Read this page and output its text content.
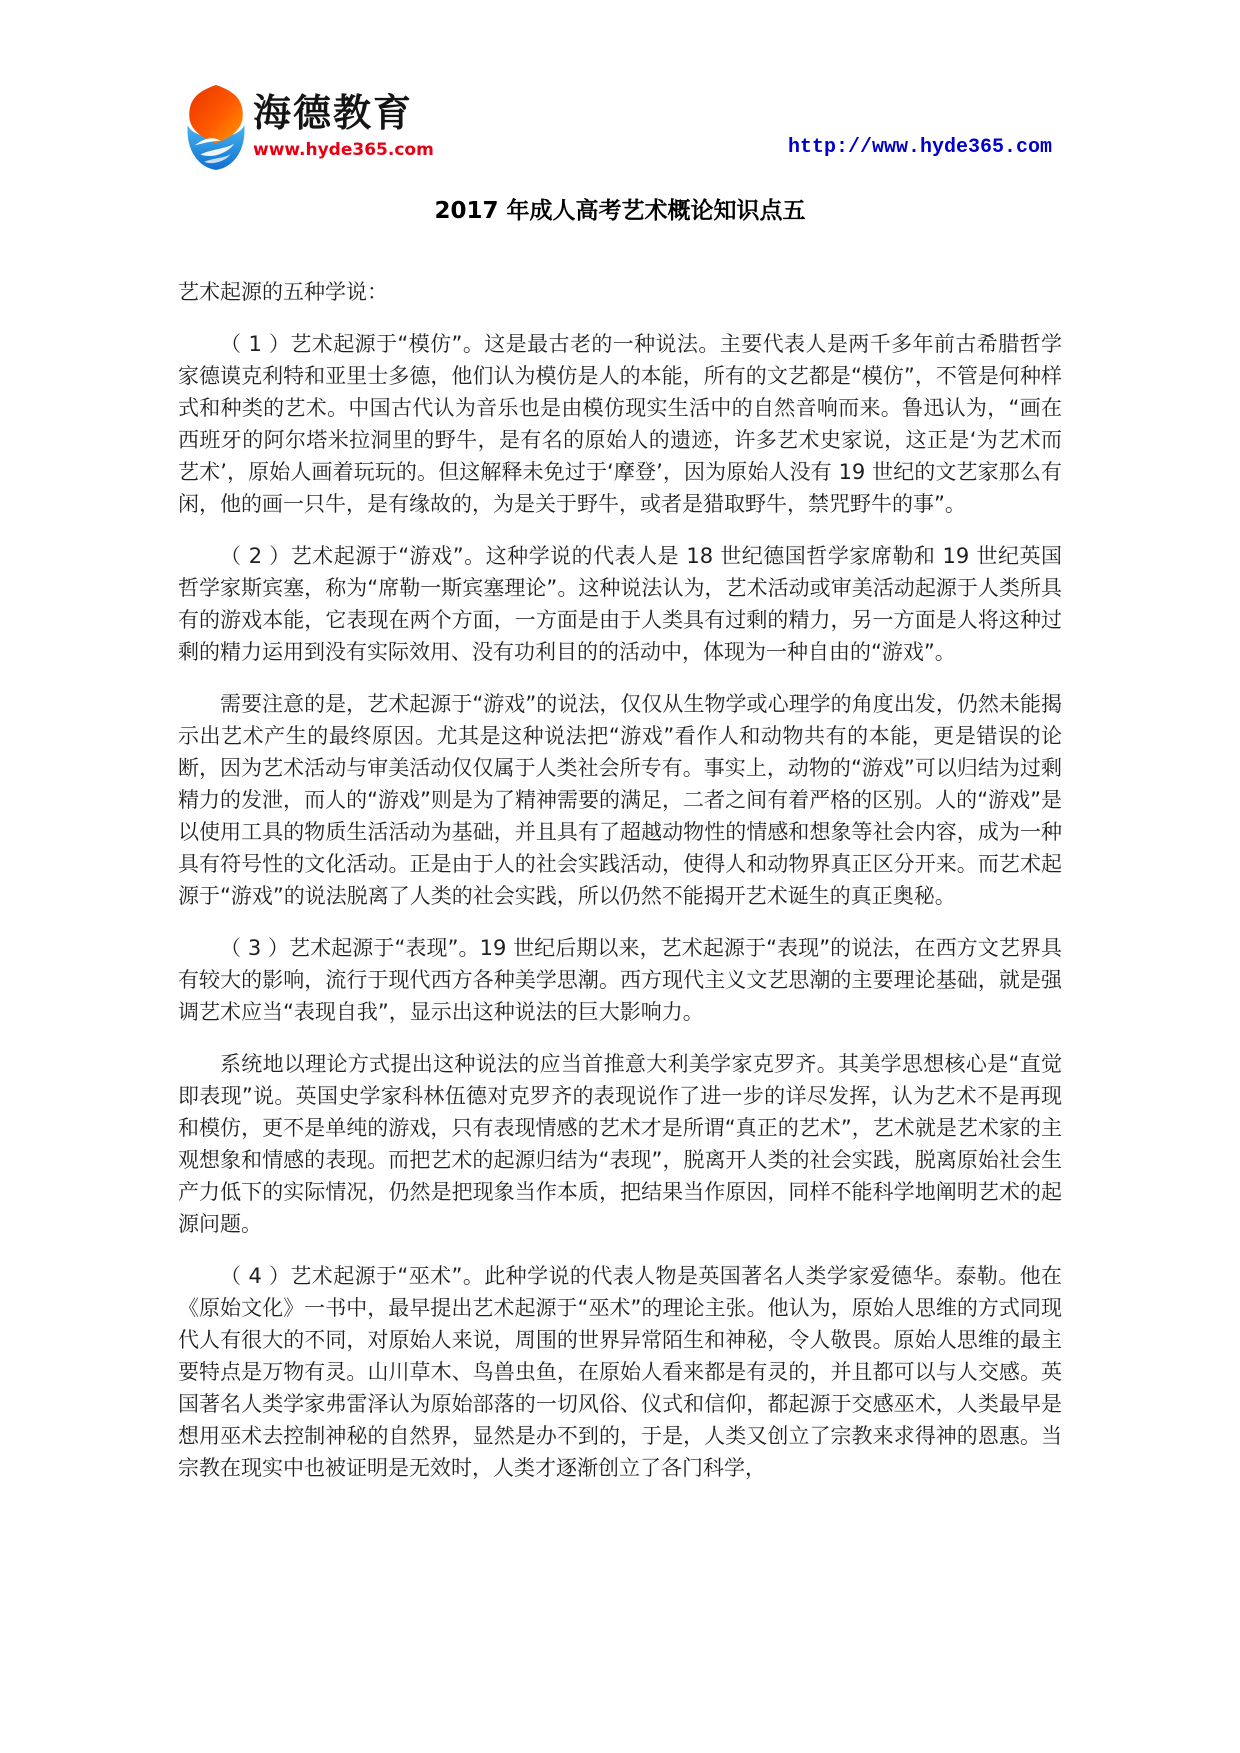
海德教育
www.hyde365.com	http://www.hyde365.com
2017 年成人高考艺术概论知识点五

艺术起源的五种学说：

（ 1 ）艺术起源于“模仿”。这是最古老的一种说法。主要代表人是两千多年前古希腊哲学家德谟克利特和亚里士多德，他们认为模仿是人的本能，所有的文艺都是“模仿”，不管是何种样式和种类的艺术。中国古代认为音乐也是由模仿现实生活中的自然音响而来。鲁迅认为，“画在西班牙的阿尔塔米拉洞里的野牛，是有名的原始人的遗迹，许多艺术史家说，这正是‘为艺术而艺术’，原始人画着玩玩的。但这解释未免过于‘摩登’，因为原始人没有 19 世纪的文艺家那么有闲，他的画一只牛，是有缘故的，为是关于野牛，或者是猎取野牛，禁咒野牛的事”。

（ 2 ）艺术起源于“游戏”。这种学说的代表人是 18 世纪德国哲学家席勒和 19 世纪英国哲学家斯宾塞，称为“席勒一斯宾塞理论”。这种说法认为，艺术活动或审美活动起源于人类所具有的游戏本能，它表现在两个方面，一方面是由于人类具有过剩的精力，另一方面是人将这种过剩的精力运用到没有实际效用、没有功利目的的活动中，体现为一种自由的“游戏”。

需要注意的是，艺术起源于“游戏”的说法，仅仅从生物学或心理学的角度出发，仍然未能揭示出艺术产生的最终原因。尤其是这种说法把“游戏”看作人和动物共有的本能，更是错误的论断，因为艺术活动与审美活动仅仅属于人类社会所专有。事实上，动物的“游戏”可以归结为过剩精力的发泄，而人的“游戏”则是为了精神需要的满足，二者之间有着严格的区别。人的“游戏”是以使用工具的物质生活活动为基础，并且具有了超越动物性的情感和想象等社会内容，成为一种具有符号性的文化活动。正是由于人的社会实践活动，使得人和动物界真正区分开来。而艺术起源于“游戏”的说法脱离了人类的社会实践，所以仍然不能揭开艺术诞生的真正奥秘。

（ 3 ）艺术起源于“表现”。19 世纪后期以来，艺术起源于“表现”的说法，在西方文艺界具有较大的影响，流行于现代西方各种美学思潮。西方现代主义文艺思潮的主要理论基础，就是强调艺术应当“表现自我”，显示出这种说法的巨大影响力。

系统地以理论方式提出这种说法的应当首推意大利美学家克罗齐。其美学思想核心是“直觉即表现”说。英国史学家科林伍德对克罗齐的表现说作了进一步的详尽发挥，认为艺术不是再现和模仿，更不是单纯的游戏，只有表现情感的艺术才是所谓“真正的艺术”，艺术就是艺术家的主观想象和情感的表现。而把艺术的起源归结为“表现”，脱离开人类的社会实践，脱离原始社会生产力低下的实际情况，仍然是把现象当作本质，把结果当作原因，同样不能科学地阐明艺术的起源问题。

（ 4 ）艺术起源于“巫术”。此种学说的代表人物是英国著名人类学家爱德华。泰勒。他在《原始文化》一书中，最早提出艺术起源于“巫术”的理论主张。他认为，原始人思维的方式同现代人有很大的不同，对原始人来说，周围的世界异常陌生和神秘，令人敬畏。原始人思维的最主要特点是万物有灵。山川草木、鸟兽虫鱼，在原始人看来都是有灵的，并且都可以与人交感。英国著名人类学家弗雷泽认为原始部落的一切风俗、仪式和信仰，都起源于交感巫术，人类最早是想用巫术去控制神秘的自然界，显然是办不到的，于是，人类又创立了宗教来求得神的恩惠。当宗教在现实中也被证明是无效时，人类才逐渐创立了各门科学，
